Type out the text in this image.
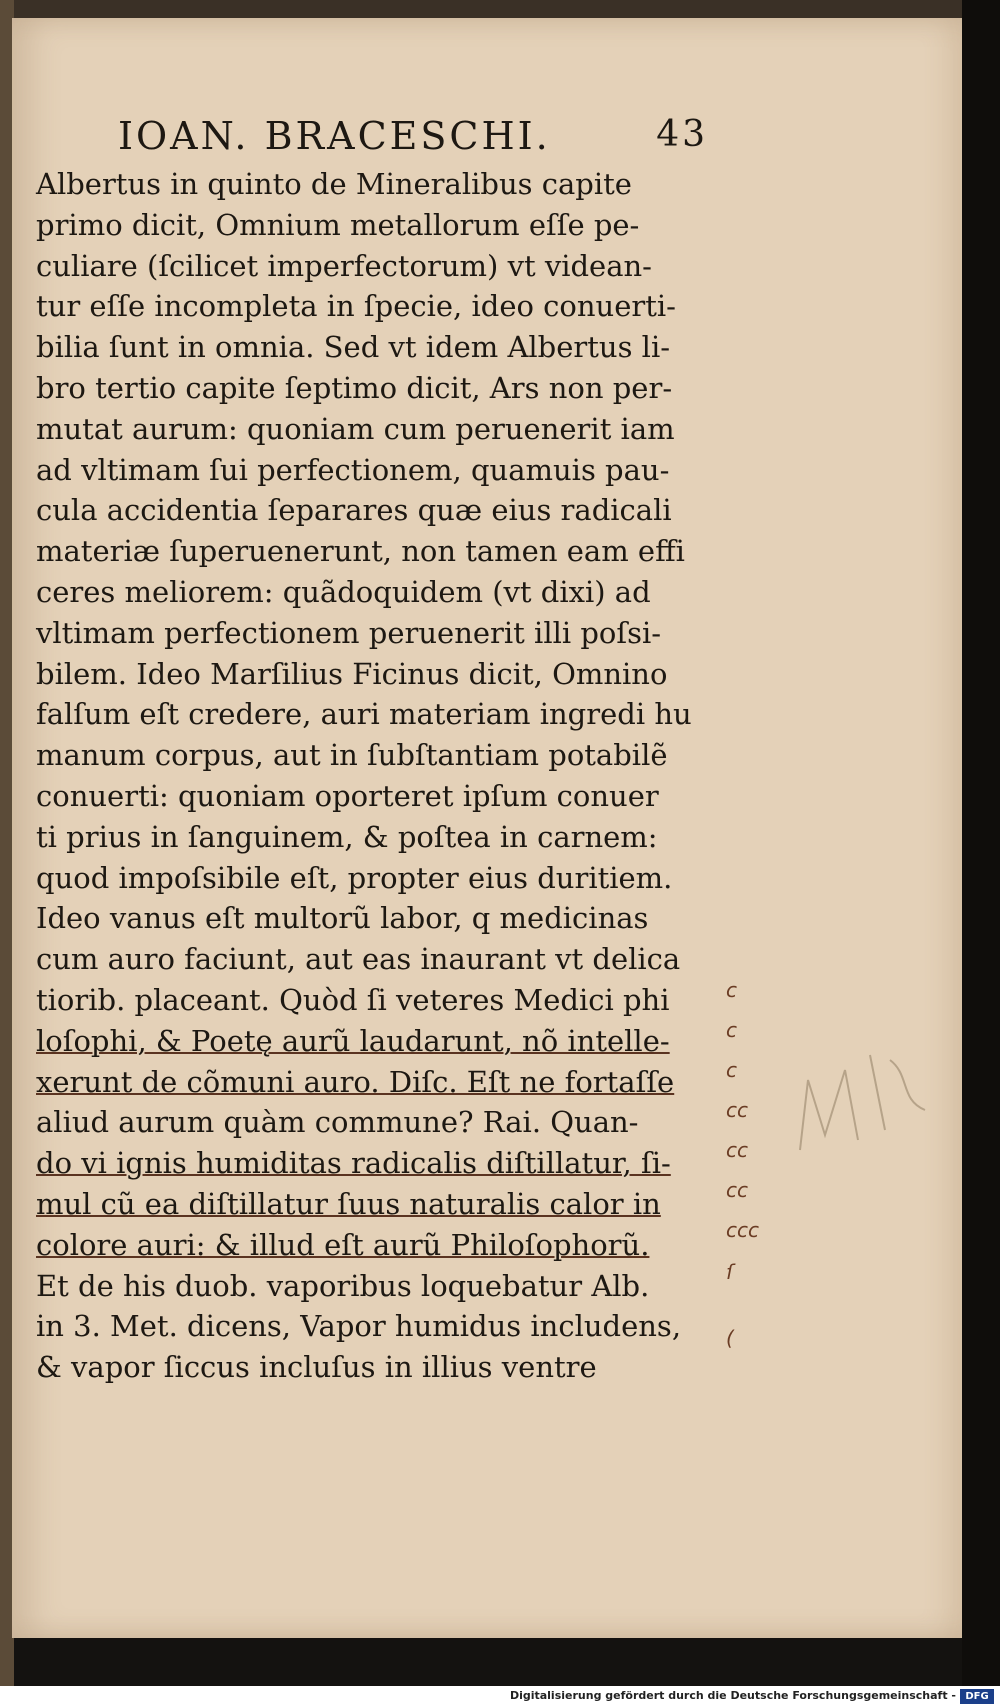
IOAN. BRACESCHI.	43
Albertus in quinto de Mineralibus capite
primo dicit, Omnium metallorum eſſe pe-
culiare (ſcilicet imperfectorum) vt videan-
tur eſſe incompleta in ſpecie, ideo conuerti-
bilia ſunt in omnia. Sed vt idem Albertus li-
bro tertio capite ſeptimo dicit, Ars non per-
mutat aurum: quoniam cum peruenerit iam
ad vltimam ſui perfectionem, quamuis pau-
cula accidentia ſeparares quæ eius radicali
materiæ ſuperuenerunt, non tamen eam effi
ceres meliorem: quãdoquidem (vt dixi) ad
vltimam perfectionem peruenerit illi poſsi-
bilem. Ideo Marſilius Ficinus dicit, Omnino
falſum eſt credere, auri materiam ingredi hu
manum corpus, aut in ſubſtantiam potabilẽ
conuerti: quoniam oporteret ipſum conuer
ti prius in ſanguinem, & poſtea in carnem:
quod impoſsibile eſt, propter eius duritiem.
Ideo vanus eſt multorũ labor, q medicinas
cum auro faciunt, aut eas inaurant vt delica
tiorib. placeant. Quòd ſi veteres Medici phi
loſophi, & Poetę aurũ laudarunt, nõ intelle-
xerunt de cõmuni auro. Diſc. Eſt ne fortaſſe
aliud aurum quàm commune? Rai. Quan-
do vi ignis humiditas radicalis diſtillatur, ſi-
mul cũ ea diſtillatur ſuus naturalis calor in
colore auri: & illud eſt aurũ Philoſophorũ.
Et de his duob. vaporibus loquebatur Alb.
in 3. Met. dicens, Vapor humidus includens,
& vapor ſiccus incluſus in illius ventre
c
c
c
cc
cc
cc
ccc
ſ
(
Digitalisierung gefördert durch die Deutsche Forschungsgemeinschaft - DFG
